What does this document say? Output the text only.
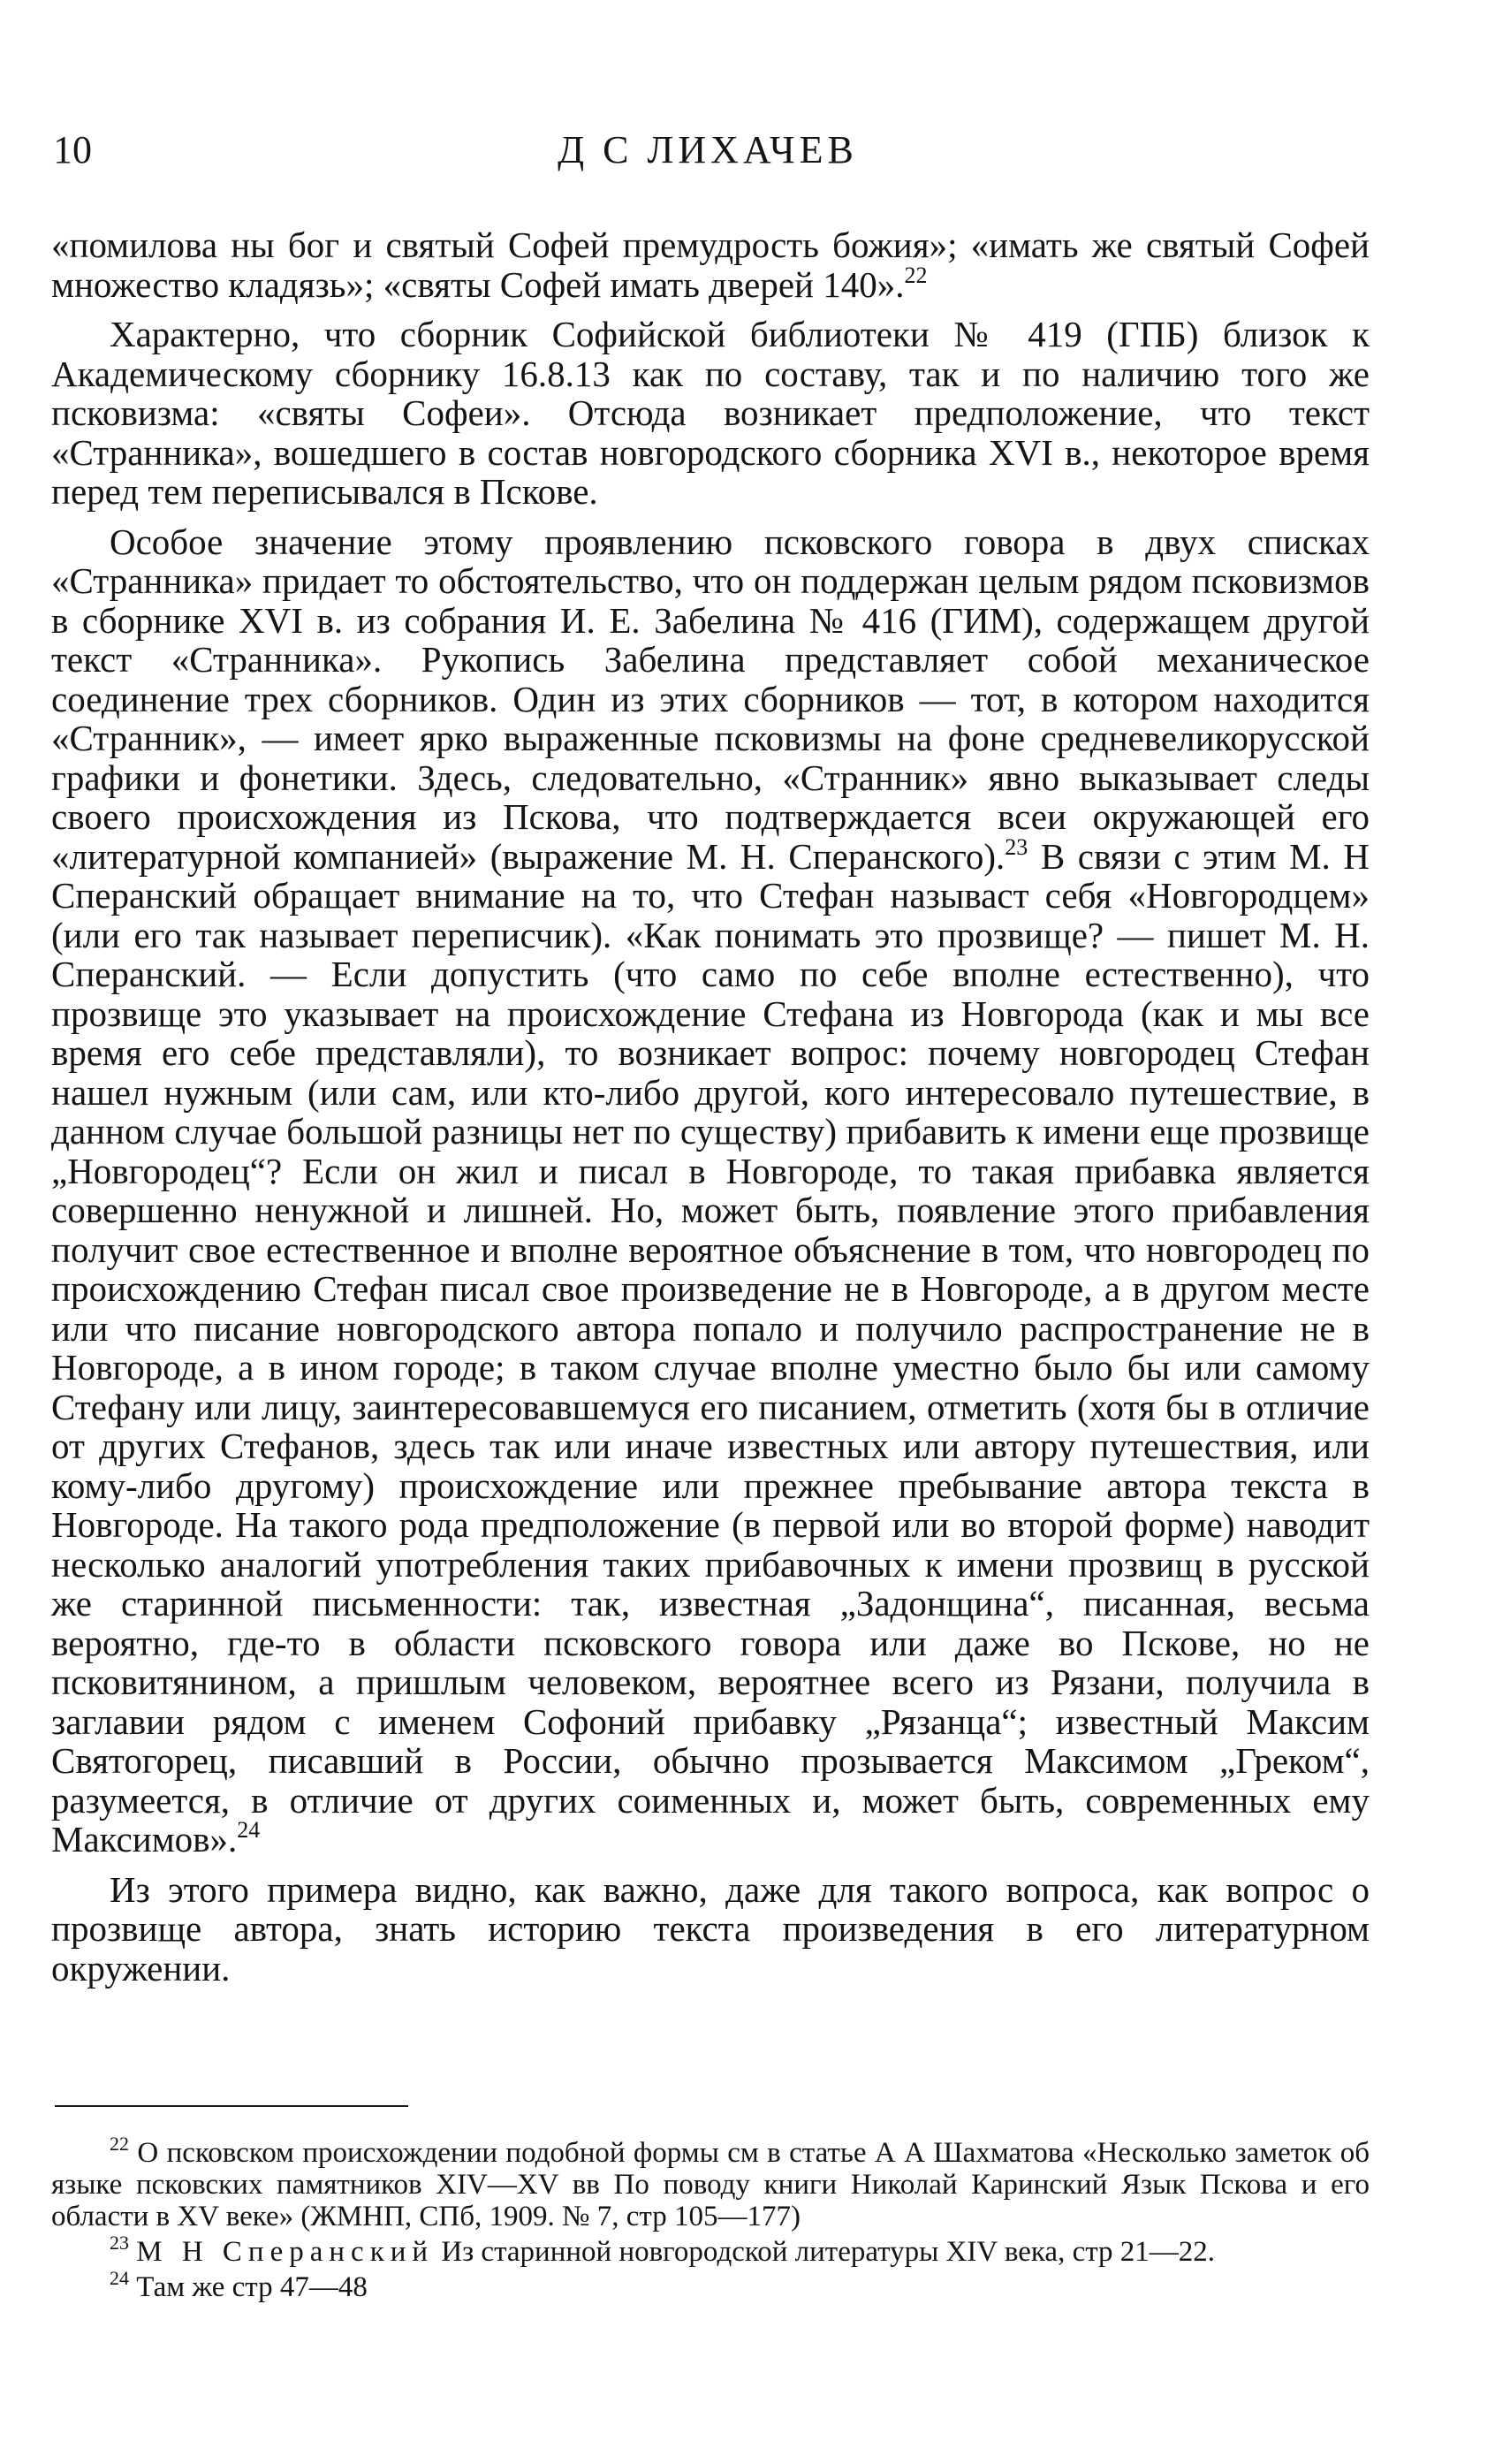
10	Д С ЛИХАЧЕВ

«помилова ны бог и святый Софей премудрость божия»; «имать же святый Софей множество кладязь»; «святы Софей имать дверей 140».$^{22}$

Характерно, что сборник Софийской библиотеки № 419 (ГПБ) близок к Академическому сборнику 16.8.13 как по составу, так и по наличию того же псковизма: «святы Софеи». Отсюда возникает предположение, что текст «Странника», вошедшего в состав новгородского сборника XVI в., некоторое время перед тем переписывался в Пскове.

Особое значение этому проявлению псковского говора в двух списках «Странника» придает то обстоятельство, что он поддержан целым рядом псковизмов в сборнике XVI в. из собрания И. Е. Забелина № 416 (ГИМ), содержащем другой текст «Странника». Рукопись Забелина представляет собой механическое соединение трех сборников. Один из этих сборников — тот, в котором находится «Странник», — имеет ярко выраженные псковизмы на фоне средневеликорусской графики и фонетики. Здесь, следовательно, «Странник» явно выказывает следы своего происхождения из Пскова, что подтверждается всеи окружающей его «литературной компанией» (выражение М. Н. Сперанского).$^{23}$ В связи с этим М. Н Сперанский обращает внимание на то, что Стефан называст себя «Новгородцем» (или его так называет переписчик). «Как понимать это прозвище? — пишет М. Н. Сперанский. — Если допустить (что само по себе вполне естественно), что прозвище это указывает на происхождение Стефана из Новгорода (как и мы все время его себе представляли), то возникает вопрос: почему новгородец Стефан нашел нужным (или сам, или кто-либо другой, кого интересовало путешествие, в данном случае большой разницы нет по существу) прибавить к имени еще прозвище „Новгородец“? Если он жил и писал в Новгороде, то такая прибавка является совершенно ненужной и лишней. Но, может быть, появление этого прибавления получит свое естественное и вполне вероятное объяснение в том, что новгородец по происхождению Стефан писал свое произведение не в Новгороде, а в другом месте или что писание новгородского автора попало и получило распространение не в Новгороде, а в ином городе; в таком случае вполне уместно было бы или самому Стефану или лицу, заинтересовавшемуся его писанием, отметить (хотя бы в отличие от других Стефанов, здесь так или иначе известных или автору путешествия, или кому-либо другому) происхождение или прежнее пребывание автора текста в Новгороде. На такого рода предположение (в первой или во второй форме) наводит несколько аналогий употребления таких прибавочных к имени прозвищ в русской же старинной письменности: так, известная „Задонщина“, писанная, весьма вероятно, где-то в области псковского говора или даже во Пскове, но не псковитянином, а пришлым человеком, вероятнее всего из Рязани, получила в заглавии рядом с именем Софоний прибавку „Рязанца“; известный Максим Святогорец, писавший в России, обычно прозывается Максимом „Греком“, разумеется, в отличие от других соименных и, может быть, современных ему Максимов».$^{24}$

Из этого примера видно, как важно, даже для такого вопроса, как вопрос о прозвище автора, знать историю текста произведения в его литературном окружении.

$^{22}$ О псковском происхождении подобной формы см в статье А А Шахматова «Несколько заметок об языке псковских памятников XIV—XV вв По поводу книги Николай Каринский Язык Пскова и его области в XV веке» (ЖМНП, СПб, 1909. № 7, стр 105—177)

$^{23}$ М Н Сперанский Из старинной новгородской литературы XIV века, стр 21—22.

$^{24}$ Там же стр 47—48
